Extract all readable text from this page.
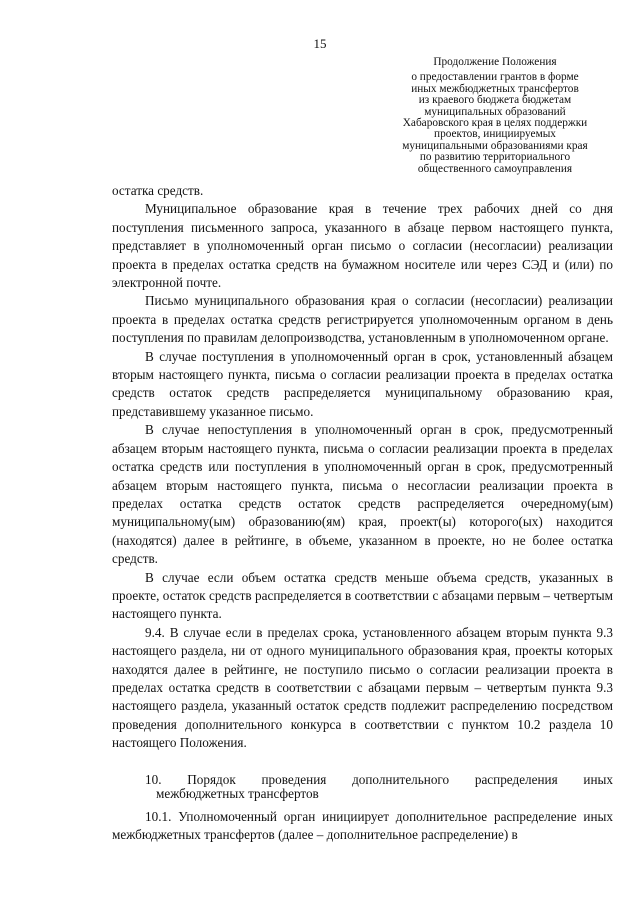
15
Продолжение Положения
о предоставлении грантов в форме
иных межбюджетных трансфертов
из краевого бюджета бюджетам
муниципальных образований
Хабаровского края в целях поддержки
проектов, инициируемых
муниципальными образованиями края
по развитию территориального
общественного самоуправления

остатка средств.

Муниципальное образование края в течение трех рабочих дней со дня поступления письменного запроса, указанного в абзаце первом настоящего пункта, представляет в уполномоченный орган письмо о согласии (несогласии) реализации проекта в пределах остатка средств на бумажном носителе или через СЭД и (или) по электронной почте.

Письмо муниципального образования края о согласии (несогласии) реализации проекта в пределах остатка средств регистрируется уполномоченным органом в день поступления по правилам делопроизводства, установленным в уполномоченном органе.

В случае поступления в уполномоченный орган в срок, установленный абзацем вторым настоящего пункта, письма о согласии реализации проекта в пределах остатка средств остаток средств распределяется муниципальному образованию края, представившему указанное письмо.

В случае непоступления в уполномоченный орган в срок, предусмотренный абзацем вторым настоящего пункта, письма о согласии реализации проекта в пределах остатка средств или поступления в уполномоченный орган в срок, предусмотренный абзацем вторым настоящего пункта, письма о несогласии реализации проекта в пределах остатка средств остаток средств распределяется очередному(ым) муниципальному(ым) образованию(ям) края, проект(ы) которого(ых) находится (находятся) далее в рейтинге, в объеме, указанном в проекте, но не более остатка средств.

В случае если объем остатка средств меньше объема средств, указанных в проекте, остаток средств распределяется в соответствии с абзацами первым – четвертым настоящего пункта.

9.4. В случае если в пределах срока, установленного абзацем вторым пункта 9.3 настоящего раздела, ни от одного муниципального образования края, проекты которых находятся далее в рейтинге, не поступило письмо о согласии реализации проекта в пределах остатка средств в соответствии с абзацами первым – четвертым пункта 9.3 настоящего раздела, указанный остаток средств подлежит распределению посредством проведения дополнительного конкурса в соответствии с пунктом 10.2 раздела 10 настоящего Положения.

10. Порядок проведения дополнительного распределения иных
межбюджетных трансфертов

10.1. Уполномоченный орган инициирует дополнительное распределение иных межбюджетных трансфертов (далее – дополнительное распределение) в
